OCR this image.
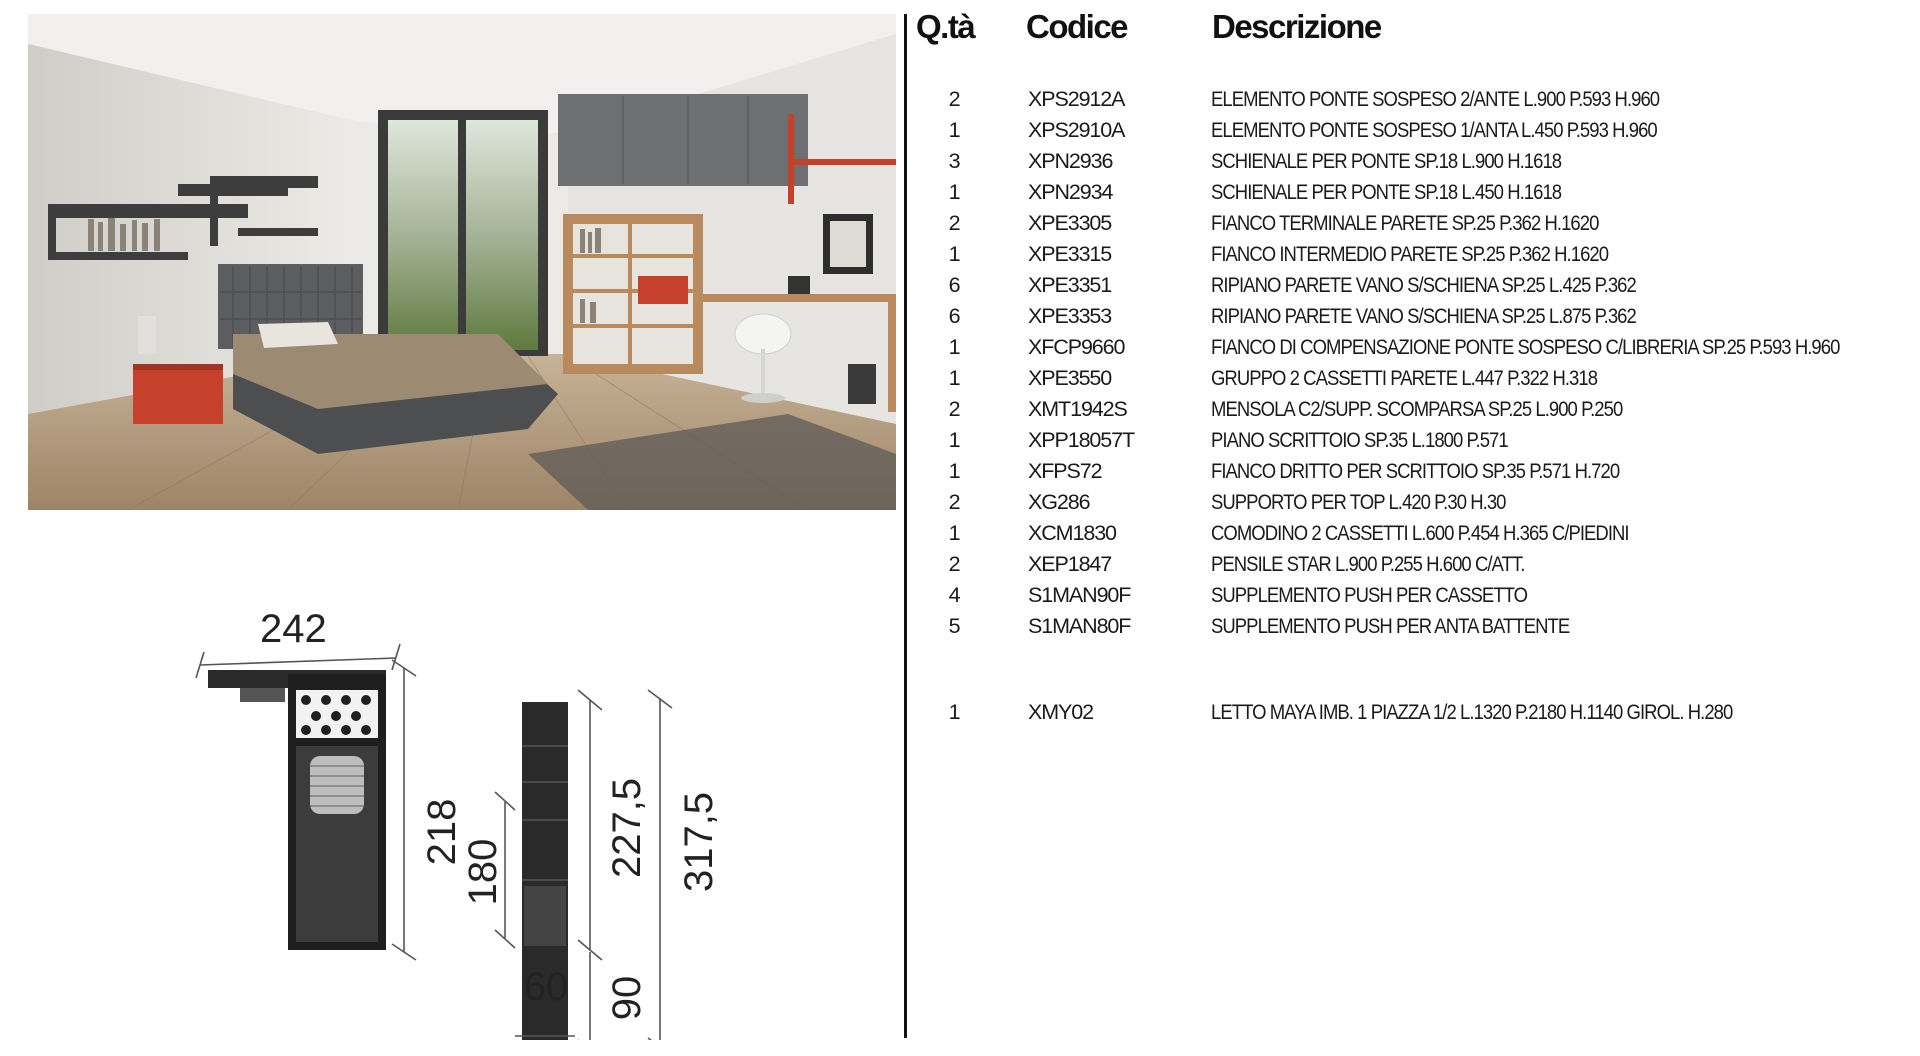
242
218
180	227,5
90
317,5
60
Q.tà Codice	Descrizione
2	XPS2912A	ELEMENTO PONTE SOSPESO 2/ANTE L.900 P.593 H.960
1	XPS2910A	ELEMENTO PONTE SOSPESO 1/ANTA L.450 P.593 H.960
3	XPN2936	SCHIENALE PER PONTE SP.18 L.900 H.1618
1	XPN2934	SCHIENALE PER PONTE SP.18 L.450 H.1618
2	XPE3305	FIANCO TERMINALE PARETE SP.25 P.362 H.1620
1	XPE3315	FIANCO INTERMEDIO PARETE SP.25 P.362 H.1620
6	XPE3351	RIPIANO PARETE VANO S/SCHIENA SP.25 L.425 P.362
6	XPE3353	RIPIANO PARETE VANO S/SCHIENA SP.25 L.875 P.362
1	XFCP9660	FIANCO DI COMPENSAZIONE PONTE SOSPESO C/LIBRERIA SP.25 P.593 H.960
1	XPE3550	GRUPPO 2 CASSETTI PARETE L.447 P.322 H.318
2	XMT1942S	MENSOLA C2/SUPP. SCOMPARSA SP.25 L.900 P.250
1	XPP18057T	PIANO SCRITTOIO SP.35 L.1800 P.571
1	XFPS72	FIANCO DRITTO PER SCRITTOIO SP.35 P.571 H.720
2	XG286	SUPPORTO PER TOP L.420 P.30 H.30
1	XCM1830	COMODINO 2 CASSETTI L.600 P.454 H.365 C/PIEDINI
2	XEP1847	PENSILE STAR L.900 P.255 H.600 C/ATT.
4	S1MAN90F	SUPPLEMENTO PUSH PER CASSETTO
5	S1MAN80F	SUPPLEMENTO PUSH PER ANTA BATTENTE
1	XMY02	LETTO MAYA IMB. 1 PIAZZA 1/2 L.1320 P.2180 H.1140 GIROL. H.280
